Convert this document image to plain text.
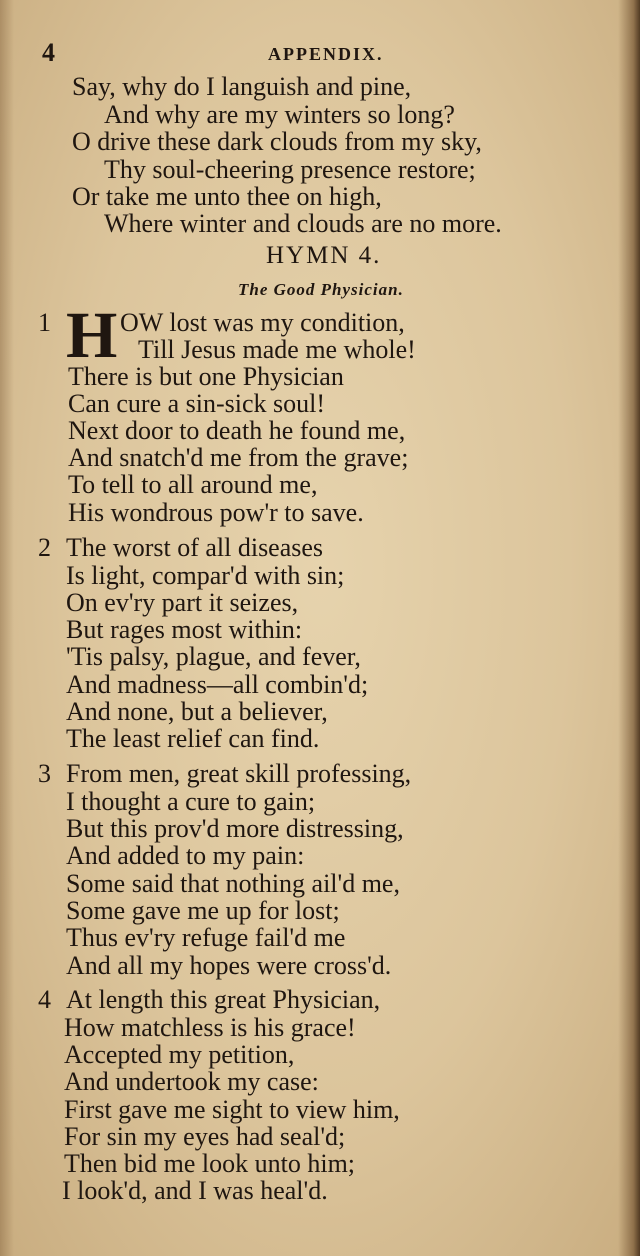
4	APPENDIX.
Say, why do I languish and pine,
And why are my winters so long?
O drive these dark clouds from my sky,
Thy soul-cheering presence restore;
Or take me unto thee on high,
Where winter and clouds are no more.
HYMN 4.
The Good Physician.
1 H OW lost was my condition,
Till Jesus made me whole!
There is but one Physician
Can cure a sin-sick soul!
Next door to death he found me,
And snatch'd me from the grave;
To tell to all around me,
His wondrous pow'r to save.
2 The worst of all diseases
Is light, compar'd with sin;
On ev'ry part it seizes,
But rages most within:
'Tis palsy, plague, and fever,
And madness—all combin'd;
And none, but a believer,
The least relief can find.
3 From men, great skill professing,
I thought a cure to gain;
But this prov'd more distressing,
And added to my pain:
Some said that nothing ail'd me,
Some gave me up for lost;
Thus ev'ry refuge fail'd me
And all my hopes were cross'd.
4 At length this great Physician,
How matchless is his grace!
Accepted my petition,
And undertook my case:
First gave me sight to view him,
For sin my eyes had seal'd;
Then bid me look unto him;
I look'd, and I was heal'd.
